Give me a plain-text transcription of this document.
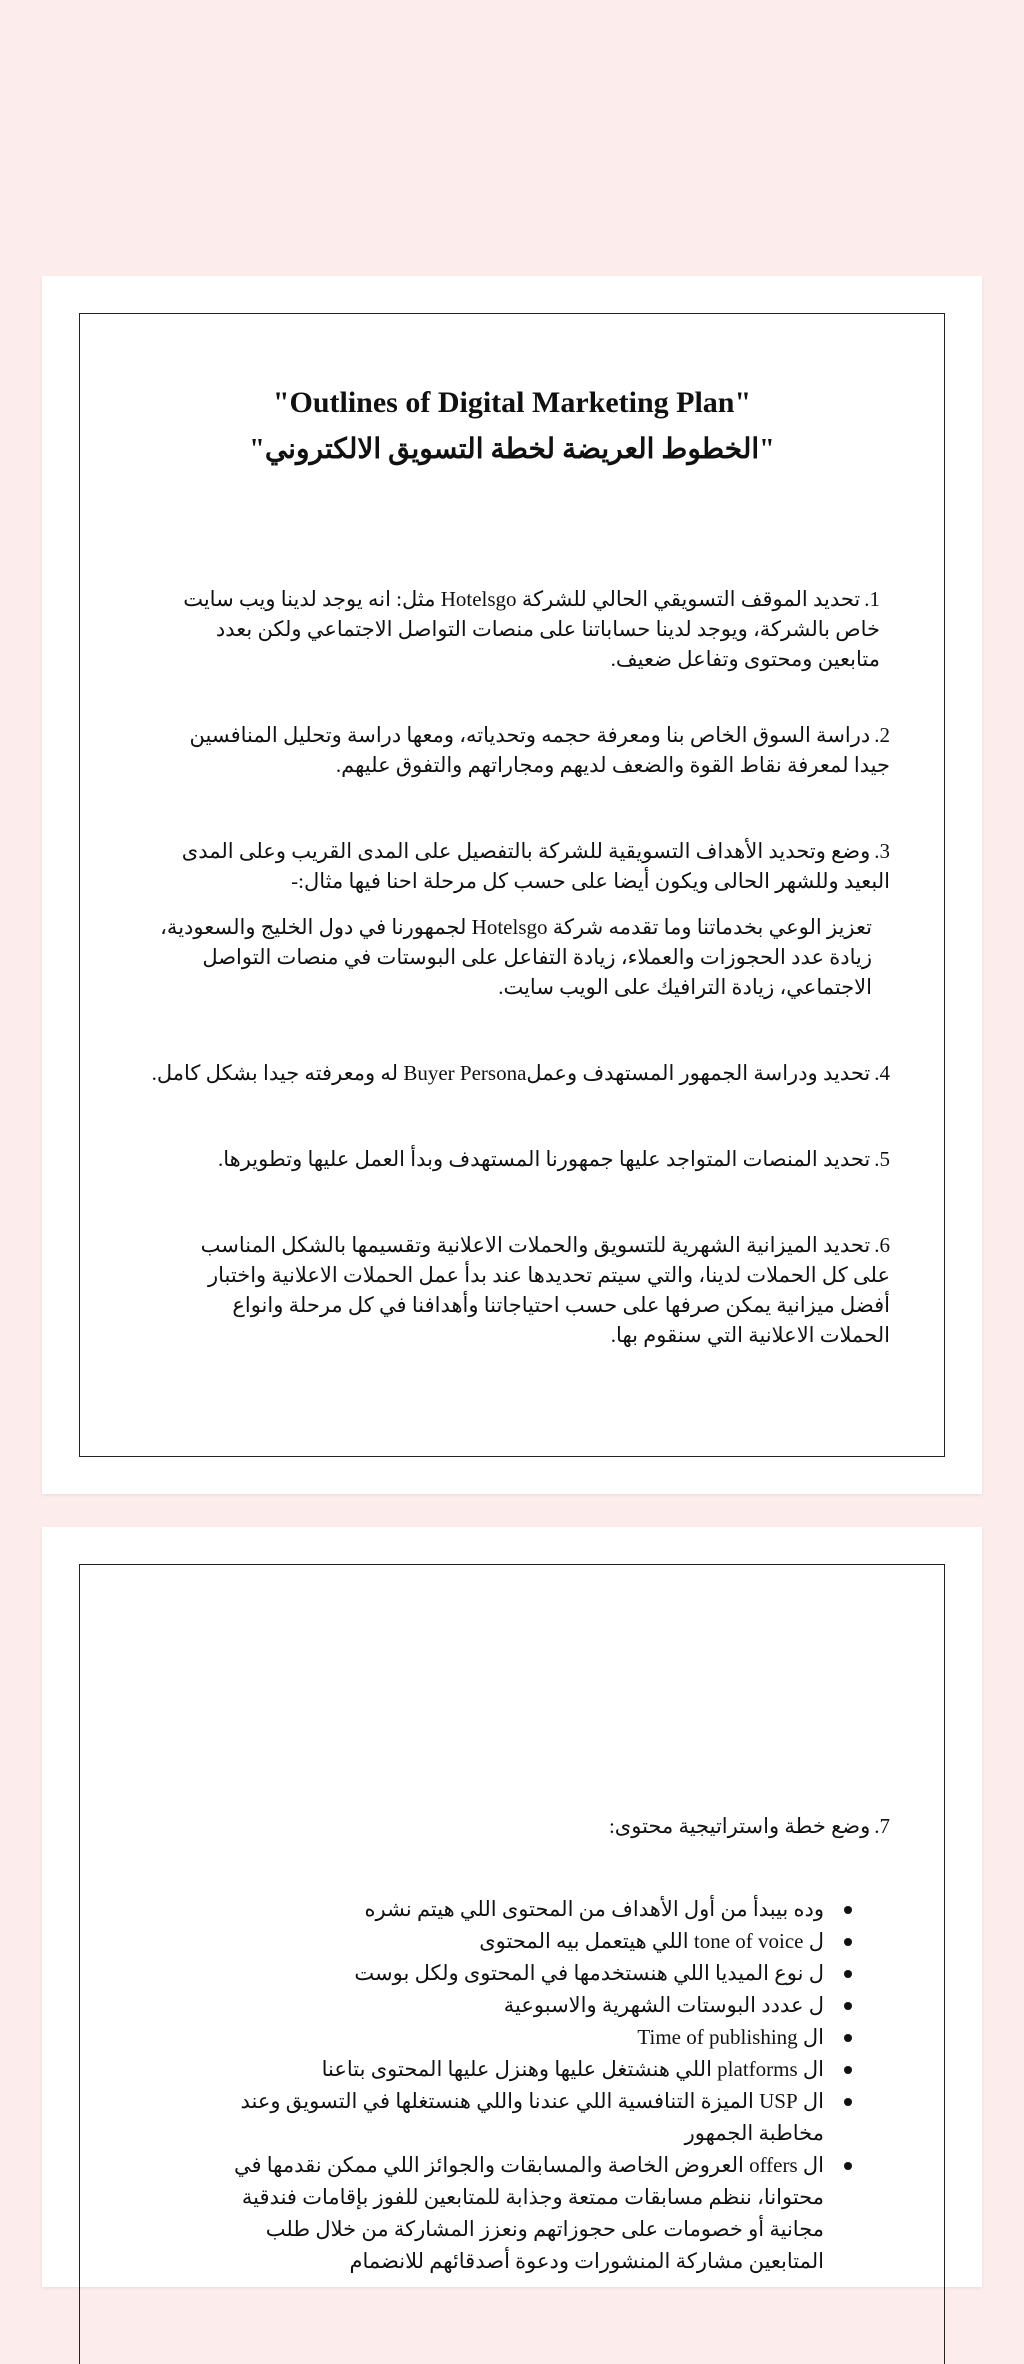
"Outlines of Digital Marketing Plan"
"الخطوط العريضة لخطة التسويق الالكتروني"
1.تحديد الموقف التسويقي الحالي للشركة Hotelsgo مثل: انه يوجد لدينا ويب سايت خاص بالشركة، ويوجد لدينا حساباتنا على منصات التواصل الاجتماعي ولكن بعدد متابعين ومحتوى وتفاعل ضعيف.
2.دراسة السوق الخاص بنا ومعرفة حجمه وتحدياته، ومعها دراسة وتحليل المنافسين جيدا لمعرفة نقاط القوة والضعف لديهم ومجاراتهم والتفوق عليهم.
3.وضع وتحديد الأهداف التسويقية للشركة بالتفصيل على المدى القريب وعلى المدى البعيد وللشهر الحالى ويكون أيضا على حسب كل مرحلة احنا فيها مثال:-
تعزيز الوعي بخدماتنا وما تقدمه شركة Hotelsgo لجمهورنا في دول الخليج والسعودية، زيادة عدد الحجوزات والعملاء، زيادة التفاعل على البوستات في منصات التواصل الاجتماعي، زيادة الترافيك على الويب سايت.
4.تحديد ودراسة الجمهور المستهدف وعملBuyer Persona له ومعرفته جيدا بشكل كامل.
5.تحديد المنصات المتواجد عليها جمهورنا المستهدف وبدأ العمل عليها وتطويرها.
6.تحديد الميزانية الشهرية للتسويق والحملات الاعلانية وتقسيمها بالشكل المناسب على كل الحملات لدينا، والتي سيتم تحديدها عند بدأ عمل الحملات الاعلانية واختبار أفضل ميزانية يمكن صرفها على حسب احتياجاتنا وأهدافنا في كل مرحلة وانواع الحملات الاعلانية التي سنقوم بها.
7.وضع خطة واستراتيجية محتوى:
وده بيبدأ من أول الأهداف من المحتوى اللي هيتم نشره
ل tone of voice اللي هيتعمل بيه المحتوى
ل نوع الميديا اللي هنستخدمها في المحتوى ولكل بوست
ل عددد البوستات الشهرية والاسبوعية
ال Time of publishing
ال platforms اللي هنشتغل عليها وهنزل عليها المحتوى بتاعنا
ال USP الميزة التنافسية اللي عندنا واللي هنستغلها في التسويق وعند مخاطبة الجمهور
ال offers العروض الخاصة والمسابقات والجوائز اللي ممكن نقدمها في محتوانا، ننظم مسابقات ممتعة وجذابة للمتابعين للفوز بإقامات فندقية مجانية أو خصومات على حجوزاتهم ونعزز المشاركة من خلال طلب المتابعين مشاركة المنشورات ودعوة أصدقائهم للانضمام
